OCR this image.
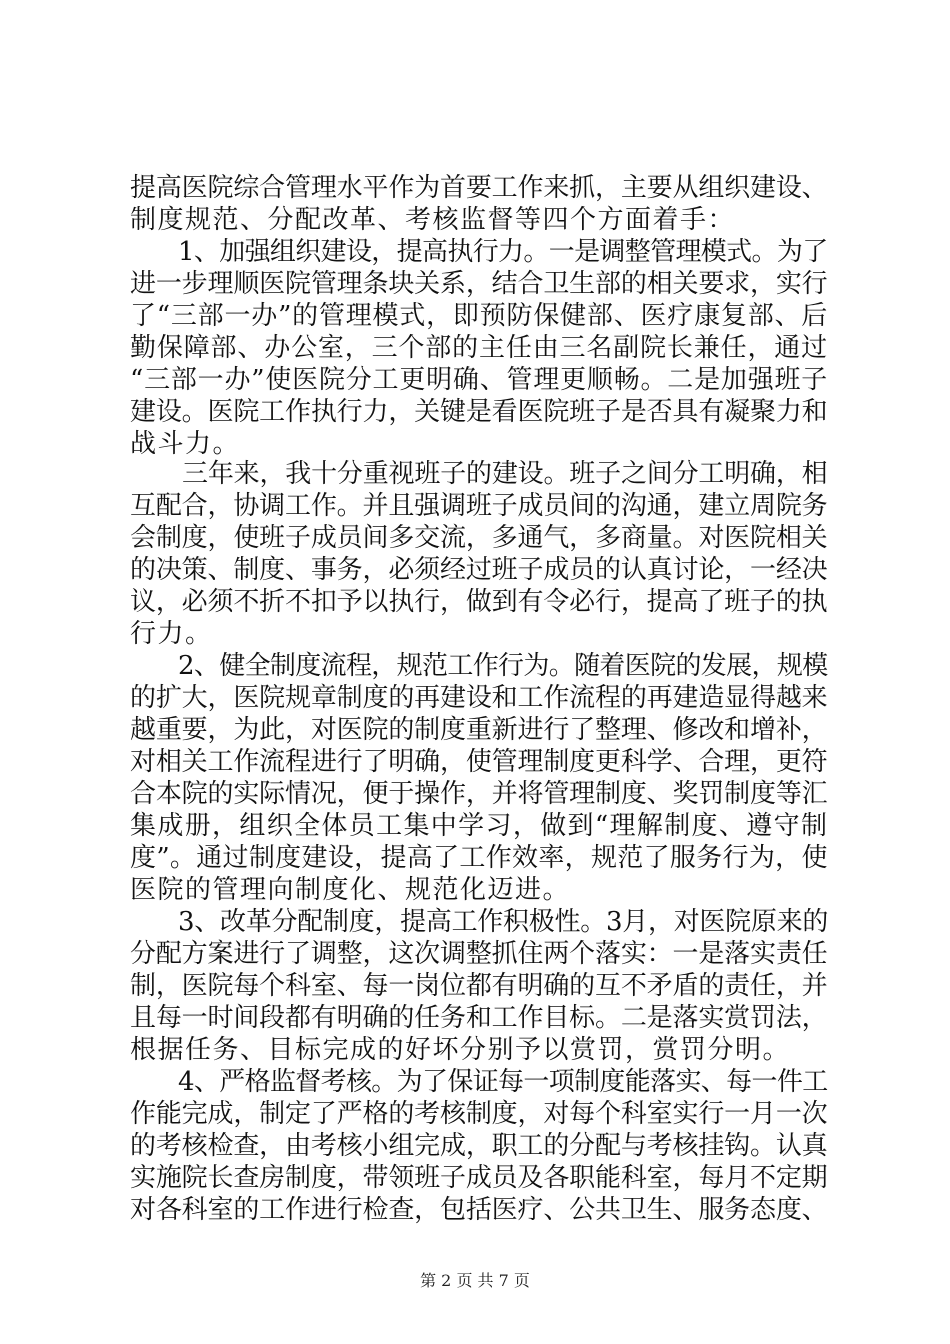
提高医院综合管理水平作为首要工作来抓，主要从组织建设、
制度规范、分配改革、考核监督等四个方面着手：
1、加强组织建设，提高执行力。一是调整管理模式。为了
进一步理顺医院管理条块关系，结合卫生部的相关要求，实行
了“三部一办”的管理模式，即预防保健部、医疗康复部、后
勤保障部、办公室，三个部的主任由三名副院长兼任，通过
“三部一办”使医院分工更明确、管理更顺畅。二是加强班子
建设。医院工作执行力，关键是看医院班子是否具有凝聚力和
战斗力。
三年来，我十分重视班子的建设。班子之间分工明确，相
互配合，协调工作。并且强调班子成员间的沟通，建立周院务
会制度，使班子成员间多交流，多通气，多商量。对医院相关
的决策、制度、事务，必须经过班子成员的认真讨论，一经决
议，必须不折不扣予以执行，做到有令必行，提高了班子的执
行力。
2、健全制度流程，规范工作行为。随着医院的发展，规模
的扩大，医院规章制度的再建设和工作流程的再建造显得越来
越重要，为此，对医院的制度重新进行了整理、修改和增补，
对相关工作流程进行了明确，使管理制度更科学、合理，更符
合本院的实际情况，便于操作，并将管理制度、奖罚制度等汇
集成册，组织全体员工集中学习，做到“理解制度、遵守制
度”。通过制度建设，提高了工作效率，规范了服务行为，使
医院的管理向制度化、规范化迈进。
3、改革分配制度，提高工作积极性。3月，对医院原来的
分配方案进行了调整，这次调整抓住两个落实：一是落实责任
制，医院每个科室、每一岗位都有明确的互不矛盾的责任，并
且每一时间段都有明确的任务和工作目标。二是落实赏罚法，
根据任务、目标完成的好坏分别予以赏罚，赏罚分明。
4、严格监督考核。为了保证每一项制度能落实、每一件工
作能完成，制定了严格的考核制度，对每个科室实行一月一次
的考核检查，由考核小组完成，职工的分配与考核挂钩。认真
实施院长查房制度，带领班子成员及各职能科室，每月不定期
对各科室的工作进行检查，包括医疗、公共卫生、服务态度、
第 2 页 共 7 页
